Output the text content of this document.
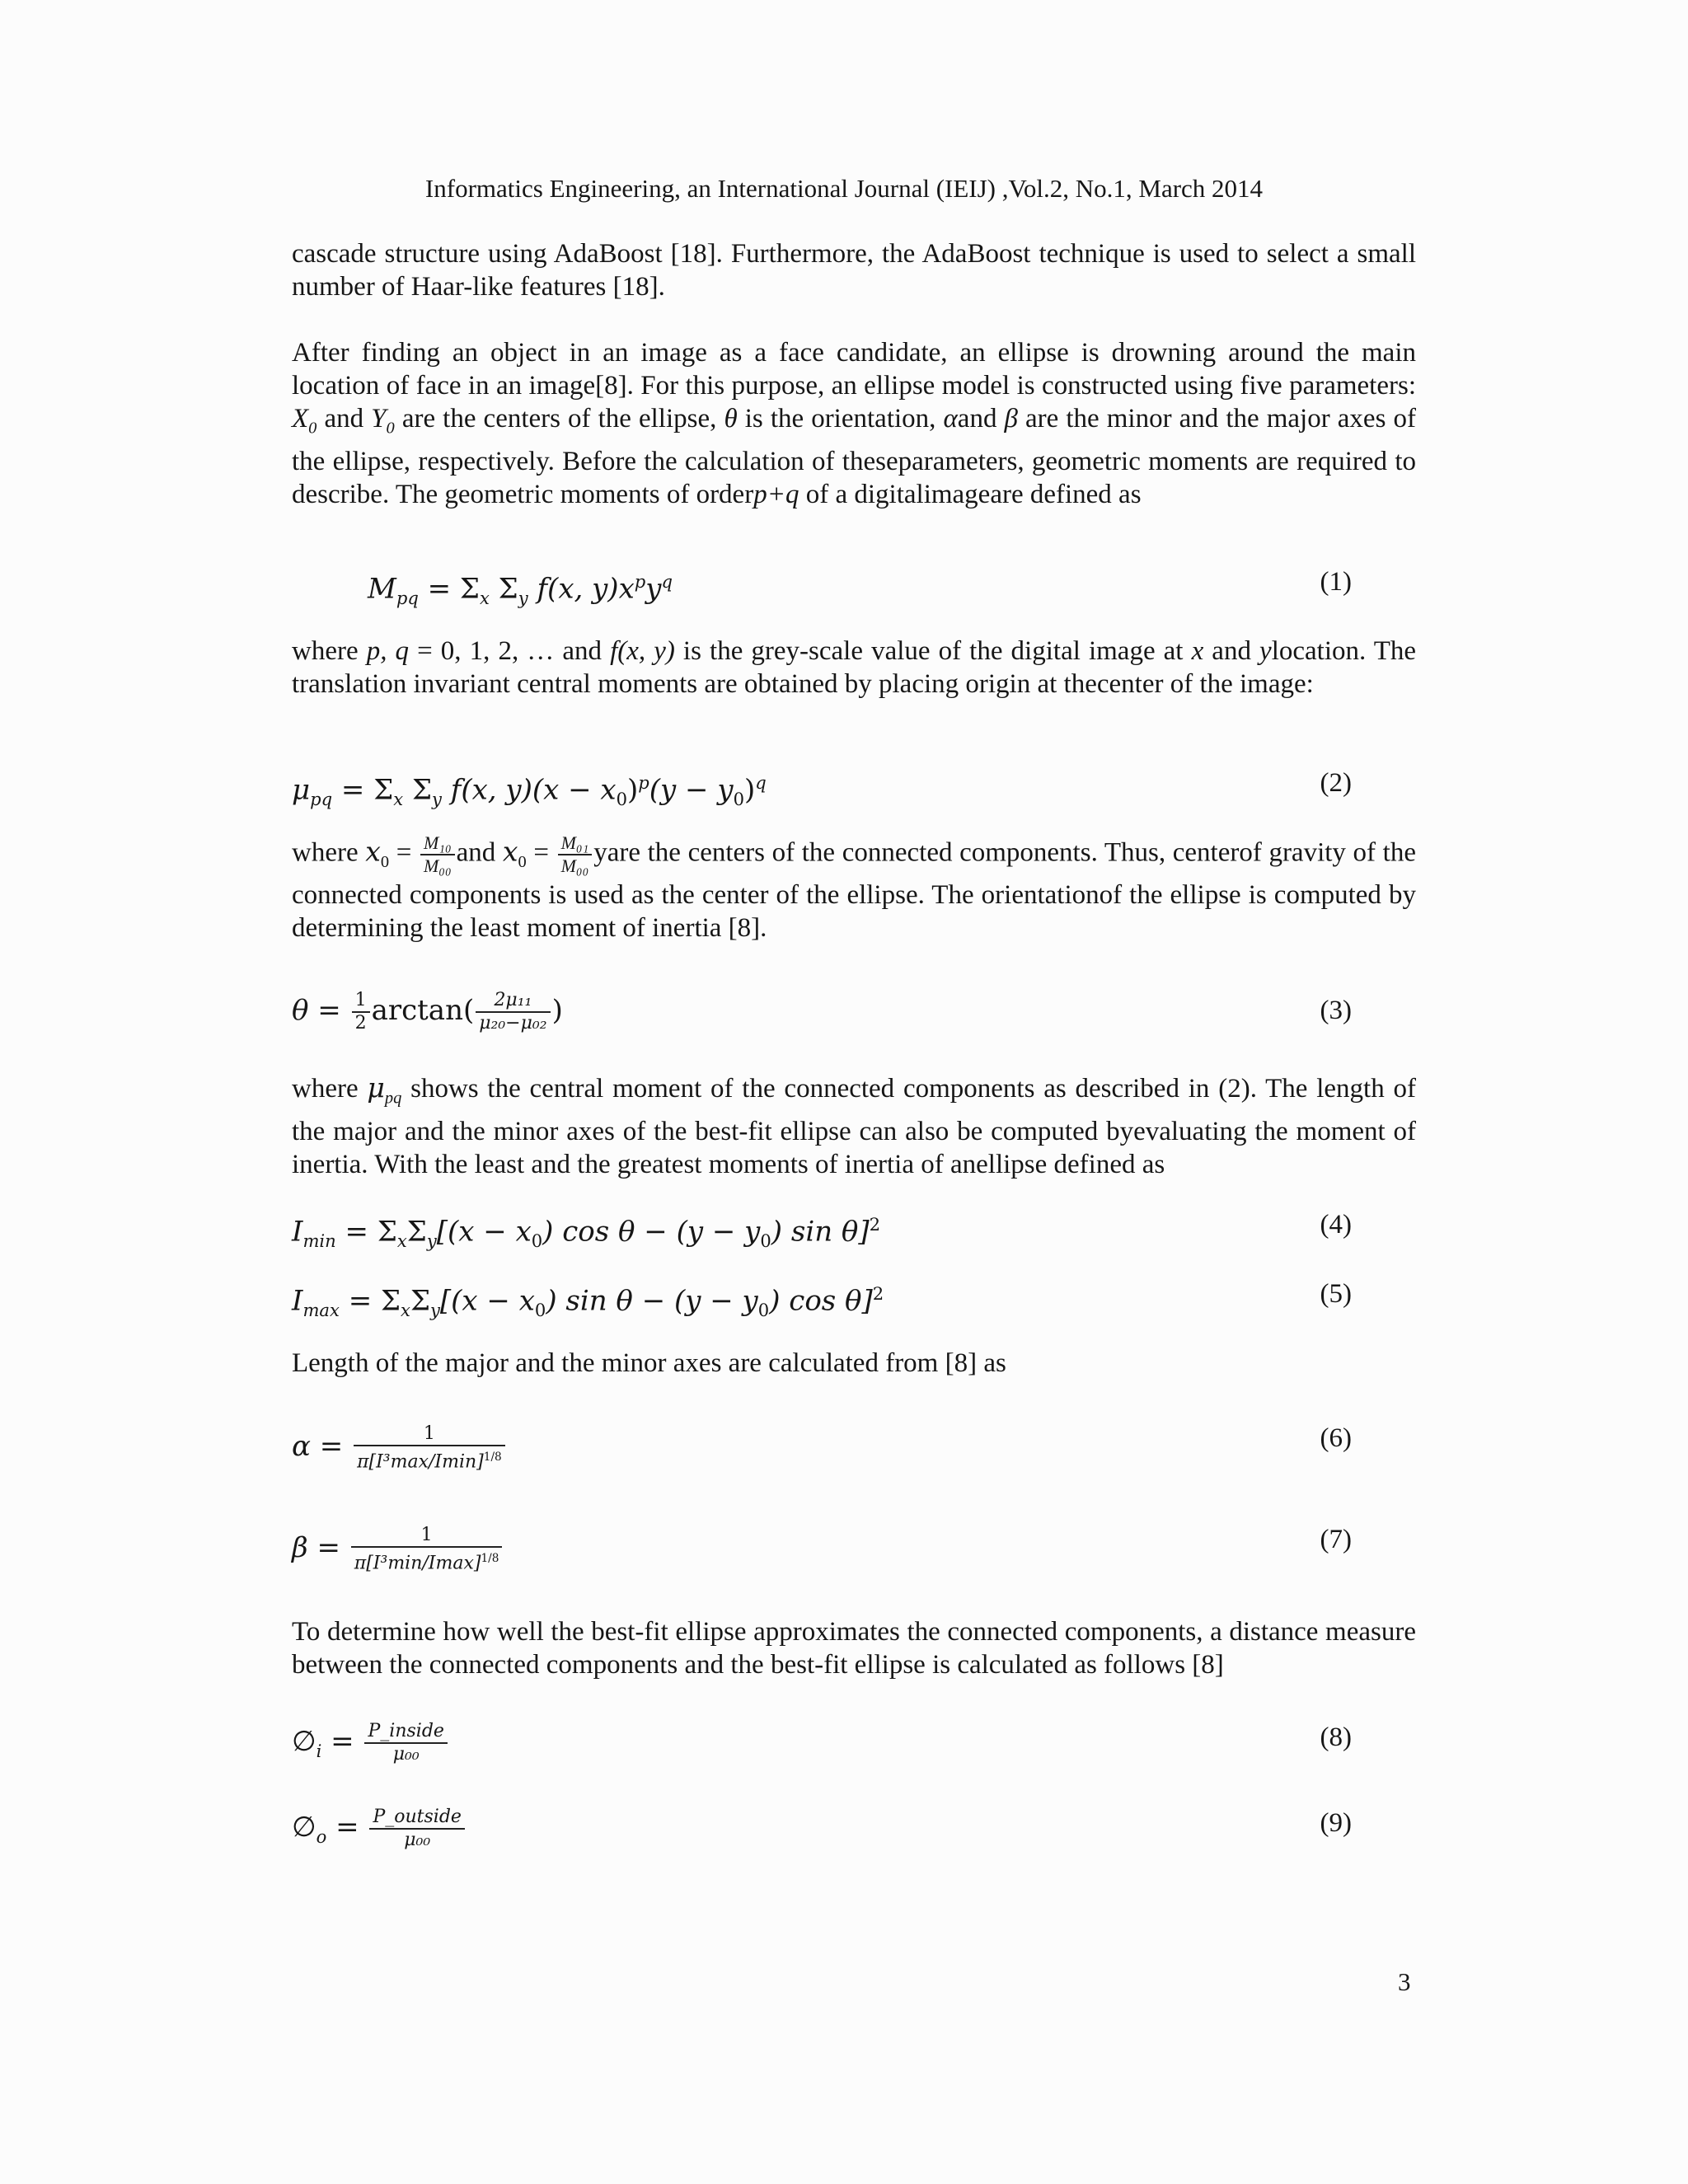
Informatics Engineering, an International Journal (IEIJ) ,Vol.2, No.1, March 2014

cascade structure using AdaBoost [18]. Furthermore, the AdaBoost technique is used to select a small number of Haar-like features [18].

After finding an object in an image as a face candidate, an ellipse is drowning around the main location of face in an image[8]. For this purpose, an ellipse model is constructed using five parameters: $X_0$ and $Y_0$ are the centers of the ellipse, θ is the orientation, αand β are the minor and the major axes of the ellipse, respectively. Before the calculation of theseparameters, geometric moments are required to describe. The geometric moments of orderp+q of a digitalimageare defined as

$M_{pq} = \Sigma_x$ $\Sigma_y$ f(x, $y)x^py^q$	(1)

where p, q = 0, 1, 2, … and f(x, y) is the grey-scale value of the digital image at x and ylocation. The translation invariant central moments are obtained by placing origin at thecenter of the image:

$\mu_{pq} = \Sigma_x$ $\Sigma_y$ f(x, $y)(x - x_0)^p(y - y_0)^q$	(2)

where $x_0 = \frac{\text{M₁₀}}{\text{M₀₀}}$ and $x_0 = \frac{\text{M₀₁}}{\text{M₀₀}}$ yare the centers of the connected components. Thus, centerof gravity of the connected components is used as the center of the ellipse. The orientationof the ellipse is computed by determining the least moment of inertia [8].

$\theta = \frac{1}{2} \arctan( \frac{\text{2μ₁₁}}{\text{μ₂₀−μ₀₂}}$ )	(3)

where $\mu_{pq}$ shows the central moment of the connected components as described in (2). The length of the major and the minor axes of the best-fit ellipse can also be computed byevaluating the moment of inertia. With the least and the greatest moments of inertia of anellipse defined as

$I_{min} = \Sigma_x\Sigma_y[(x - x_0)$ $\cos \theta - (y - y_0)$ sin θ]$^2$	(4)
$I_{max} = \Sigma_x\Sigma_y[(x - x_0)$ $\sin \theta - (y - y_0)$ cos θ]$^2$	(5)

Length of the major and the minor axes are calculated from [8] as

$\alpha = \frac{1}{\pi[I^3\max/Imin]^{1/8}}$	(6)
$\beta = \frac{1}{\pi[I^3\min/Imax]^{1/8}}$	(7)

To determine how well the best-fit ellipse approximates the connected components, a distance measure between the connected components and the best-fit ellipse is calculated as follows [8]

$\emptyset_i = \frac{\text{P\_inside}}{\text{μ₀₀}}$	(8)
$\emptyset_o = \frac{\text{P\_outside}}{\text{μ₀₀}}$	(9)
3
